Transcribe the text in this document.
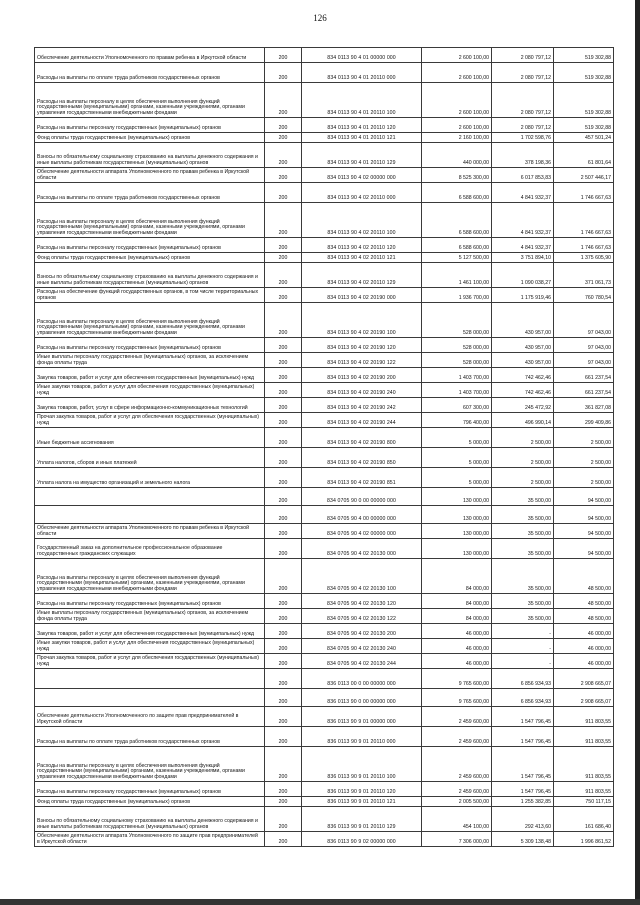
126
Обеспечение деятельности Уполномоченного по правам ребенка в Иркутской области	200	834 0113 90 4 01 00000 000	2 600 100,00	2 080 797,12	519 302,88
Расходы на выплаты по оплате труда работников государственных органов	200	834 0113 90 4 01 20110 000	2 600 100,00	2 080 797,12	519 302,88
Расходы на выплаты персоналу в целях обеспечения выполнения функций государственными (муниципальными) органами, казенными учреждениями, органами управления государственными внебюджетными фондами	200	834 0113 90 4 01 20110 100	2 600 100,00	2 080 797,12	519 302,88
Расходы на выплаты персоналу государственных (муниципальных) органов	200	834 0113 90 4 01 20110 120	2 600 100,00	2 080 797,12	519 302,88
Фонд оплаты труда государственных (муниципальных) органов	200	834 0113 90 4 01 20110 121	2 160 100,00	1 702 598,76	457 501,24
Взносы по обязательному социальному страхованию на выплаты денежного содержания и иные выплаты работникам государственных (муниципальных) органов	200	834 0113 90 4 01 20110 129	440 000,00	378 198,36	61 801,64
Обеспечение деятельности аппарата Уполномоченного по правам ребенка в Иркутской области	200	834 0113 90 4 02 00000 000	8 525 300,00	6 017 853,83	2 507 446,17
Расходы на выплаты по оплате труда работников государственных органов	200	834 0113 90 4 02 20110 000	6 588 600,00	4 841 932,37	1 746 667,63
Расходы на выплаты персоналу в целях обеспечения выполнения функций государственными (муниципальными) органами, казенными учреждениями, органами управления государственными внебюджетными фондами	200	834 0113 90 4 02 20110 100	6 588 600,00	4 841 932,37	1 746 667,63
Расходы на выплаты персоналу государственных (муниципальных) органов	200	834 0113 90 4 02 20110 120	6 588 600,00	4 841 932,37	1 746 667,63
Фонд оплаты труда государственных (муниципальных) органов	200	834 0113 90 4 02 20110 121	5 127 500,00	3 751 894,10	1 375 605,90
Взносы по обязательному социальному страхованию на выплаты денежного содержания и иные выплаты работникам государственных (муниципальных) органов	200	834 0113 90 4 02 20110 129	1 461 100,00	1 090 038,27	371 061,73
Расходы на обеспечение функций государственных органов, в том числе территориальных органов	200	834 0113 90 4 02 20190 000	1 936 700,00	1 175 919,46	760 780,54
Расходы на выплаты персоналу в целях обеспечения выполнения функций государственными (муниципальными) органами, казенными учреждениями, органами управления государственными внебюджетными фондами	200	834 0113 90 4 02 20190 100	528 000,00	430 957,00	97 043,00
Расходы на выплаты персоналу государственных (муниципальных) органов	200	834 0113 90 4 02 20190 120	528 000,00	430 957,00	97 043,00
Иные выплаты персоналу государственных (муниципальных) органов, за исключением фонда оплаты труда	200	834 0113 90 4 02 20190 122	528 000,00	430 957,00	97 043,00
Закупка товаров, работ и услуг для обеспечения государственных (муниципальных) нужд	200	834 0113 90 4 02 20190 200	1 403 700,00	742 462,46	661 237,54
Иные закупки товаров, работ и услуг для обеспечения государственных (муниципальных) нужд	200	834 0113 90 4 02 20190 240	1 403 700,00	742 462,46	661 237,54
Закупка товаров, работ, услуг в сфере информационно-коммуникационных технологий	200	834 0113 90 4 02 20190 242	607 300,00	245 472,92	361 827,08
Прочая закупка товаров, работ и услуг для обеспечения государственных (муниципальных) нужд	200	834 0113 90 4 02 20190 244	796 400,00	496 990,14	299 409,86
Иные бюджетные ассигнования	200	834 0113 90 4 02 20190 800	5 000,00	2 500,00	2 500,00
Уплата налогов, сборов и иных платежей	200	834 0113 90 4 02 20190 850	5 000,00	2 500,00	2 500,00
Уплата налога на имущество организаций и земельного налога	200	834 0113 90 4 02 20190 851	5 000,00	2 500,00	2 500,00
	200	834 0705 90 0 00 00000 000	130 000,00	35 500,00	94 500,00
	200	834 0705 90 4 00 00000 000	130 000,00	35 500,00	94 500,00
Обеспечение деятельности аппарата Уполномоченного по правам ребенка в Иркутской области	200	834 0705 90 4 02 00000 000	130 000,00	35 500,00	94 500,00
Государственный заказ на дополнительное профессиональное образование государственных гражданских служащих	200	834 0705 90 4 02 20130 000	130 000,00	35 500,00	94 500,00
Расходы на выплаты персоналу в целях обеспечения выполнения функций государственными (муниципальными) органами, казенными учреждениями, органами управления государственными внебюджетными фондами	200	834 0705 90 4 02 20130 100	84 000,00	35 500,00	48 500,00
Расходы на выплаты персоналу государственных (муниципальных) органов	200	834 0705 90 4 02 20130 120	84 000,00	35 500,00	48 500,00
Иные выплаты персоналу государственных (муниципальных) органов, за исключением фонда оплаты труда	200	834 0705 90 4 02 20130 122	84 000,00	35 500,00	48 500,00
Закупка товаров, работ и услуг для обеспечения государственных (муниципальных) нужд	200	834 0705 90 4 02 20130 200	46 000,00	-	46 000,00
Иные закупки товаров, работ и услуг для обеспечения государственных (муниципальных) нужд	200	834 0705 90 4 02 20130 240	46 000,00	-	46 000,00
Прочая закупка товаров, работ и услуг для обеспечения государственных (муниципальных) нужд	200	834 0705 90 4 02 20130 244	46 000,00	-	46 000,00
	200	836 0113 00 0 00 00000 000	9 765 600,00	6 856 934,93	2 908 665,07
	200	836 0113 90 0 00 00000 000	9 765 600,00	6 856 934,93	2 908 665,07
Обеспечение деятельности Уполномоченного по защите прав предпринимателей в Иркутской области	200	836 0113 90 9 01 00000 000	2 459 600,00	1 547 796,45	911 803,55
Расходы на выплаты по оплате труда работников государственных органов	200	836 0113 90 9 01 20110 000	2 459 600,00	1 547 796,45	911 803,55
Расходы на выплаты персоналу в целях обеспечения выполнения функций государственными (муниципальными) органами, казенными учреждениями, органами управления государственными внебюджетными фондами	200	836 0113 90 9 01 20110 100	2 459 600,00	1 547 796,45	911 803,55
Расходы на выплаты персоналу государственных (муниципальных) органов	200	836 0113 90 9 01 20110 120	2 459 600,00	1 547 796,45	911 803,55
Фонд оплаты труда государственных (муниципальных) органов	200	836 0113 90 9 01 20110 121	2 005 500,00	1 255 382,85	750 117,15
Взносы по обязательному социальному страхованию на выплаты денежного содержания и иные выплаты работникам государственных (муниципальных) органов	200	836 0113 90 9 01 20110 129	454 100,00	292 413,60	161 686,40
Обеспечение деятельности аппарата Уполномоченного по защите прав предпринимателей в Иркутской области	200	836 0113 90 9 02 00000 000	7 306 000,00	5 309 138,48	1 996 861,52
